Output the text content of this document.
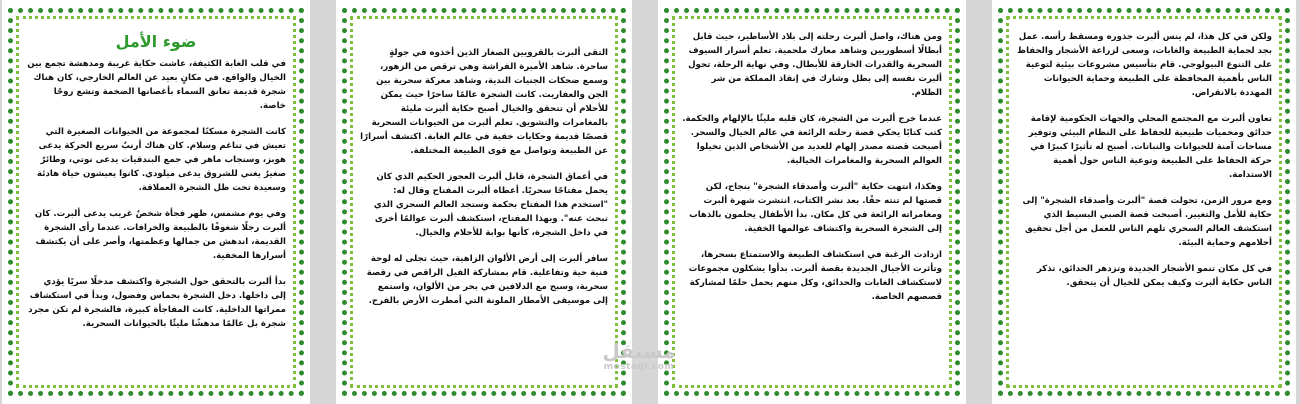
ضوء الأمل

في قلب الغابة الكثيفة، عاشت حكاية غريبة ومدهشة تجمع بين الخيال والواقع. في مكانٍ بعيد عن العالم الخارجي، كان هناك شجرة قديمة تعانق السماء بأغصانها الضخمة وتشع روحًا خاصة.

كانت الشجرة مسكنًا لمجموعة من الحيوانات الصغيرة التي تعيش في تناغم وسلام. كان هناك أرنبٌ سريع الحركة يدعى هوبز، وسنجاب ماهر في جمع البندقيات يدعى نوتي، وطائرٌ صغيرٌ يغني للشروق يدعى ميلودي. كانوا يعيشون حياة هادئة وسعيدة تحت ظل الشجرة العملاقة.

وفي يوم مشمس، ظهر فجأة شخصٌ غريب يدعى ألبرت. كان ألبرت رجلًا شغوفًا بالطبيعة والخرافات. عندما رأى الشجرة القديمة، اندهش من جمالها وعظمتها، وأصر على أن يكتشف أسرارها المخفية.

بدأ ألبرت بالتحقق حول الشجرة واكتشف مدخلًا سريًا يؤدي إلى داخلها. دخل الشجرة بحماس وفضول، وبدأ في استكشاف ممراتها الداخلية. كانت المفاجأة كبيرة، فالشجرة لم تكن مجرد شجرة بل عالمًا مدهشًا مليئًا بالحيوانات السحرية.

التقى ألبرت بالقرويين الصغار الذين أخذوه في جولةٍ ساحرة. شاهد الأميرة الفراشة وهي ترقص من الزهور، وسمع ضحكات الجنيات الندية، وشاهد معركة سحرية بين الجن والعفاريت. كانت الشجرة عالمًا ساحرًا حيث يمكن للأحلام أن تتحقق والخيال أصبح حكاية ألبرت مليئة بالمغامرات والتشويق. تعلم ألبرت من الحيوانات السحرية قصصًا قديمة وحكايات خفية في عالم الغابة. اكتشف أسرارًا عن الطبيعة وتواصل مع قوى الطبيعة المختلفة.

في أعماق الشجرة، قابل ألبرت العجوز الحكيم الذي كان يحمل مفتاحًا سحريًا. أعطاه ألبرت المفتاح وقال له: "استخدم هذا المفتاح بحكمة وستجد العالم السحري الذي تبحث عنه". وبهذا المفتاح، استكشف ألبرت عوالمًا أخرى في داخل الشجرة، كأنها بوابة للأحلام والخيال.

سافر ألبرت إلى أرض الألوان الزاهية، حيث تجلى له لوحة فنية حية وتفاعلية. قام بمشاركة الفيل الراقص في رقصة سحرية، وسبح مع الدلافين في بحر من الألوان، واستمع إلى موسيقى الأمطار الملونة التي أمطرت الأرض بالفرح.

ومن هناك، واصل ألبرت رحلته إلى بلاد الأساطير، حيث قابل أبطالًا أسطوريين وشاهد معارك ملحمية. تعلم أسرار السيوف السحرية والقدرات الخارقة للأبطال. وفي نهاية الرحلة، تحول ألبرت نفسه إلى بطل وشارك في إنقاذ المملكة من شر الظلام.

عندما خرج ألبرت من الشجرة، كان قلبه مليئًا بالإلهام والحكمة. كتب كتابًا يحكي قصة رحلته الرائعة في عالم الخيال والسحر. أصبحت قصته مصدر إلهام للعديد من الأشخاص الذين تخيلوا العوالم السحرية والمغامرات الخيالية.

وهكذا، انتهت حكاية "ألبرت وأصدقاء الشجرة" بنجاح، لكن قصتها لم تنته حقًا. بعد نشر الكتاب، انتشرت شهرة ألبرت ومغامراته الرائعة في كل مكان. بدأ الأطفال يحلمون بالذهاب إلى الشجرة السحرية واكتشاف عوالمها الخفية.

ازدادت الرغبة في استكشاف الطبيعة والاستمتاع بسحرها، وتأثرت الأجيال الجديدة بقصة ألبرت. بدأوا يشكلون مجموعات لاستكشاف الغابات والحدائق، وكل منهم يحمل حلمًا لمشاركة قصصهم الخاصة.

ولكن في كل هذا، لم ينس ألبرت جذوره ومسقط رأسه. عمل بجد لحماية الطبيعة والغابات، وسعى لزراعة الأشجار والحفاظ على التنوع البيولوجي. قام بتأسيس مشروعات بيئية لتوعية الناس بأهمية المحافظة على الطبيعة وحماية الحيوانات المهددة بالانقراض.

تعاون ألبرت مع المجتمع المحلي والجهات الحكومية لإقامة حدائق ومحميات طبيعية للحفاظ على النظام البيئي وتوفير مساحات آمنة للحيوانات والنباتات. أصبح له تأثيرًا كبيرًا في حركة الحفاظ على الطبيعة وتوعية الناس حول أهمية الاستدامة.

ومع مرور الزمن، تحولت قصة "ألبرت وأصدقاء الشجرة" إلى حكاية للأمل والتغيير. أصبحت قصة الصبي البسيط الذي استكشف العالم السحري تلهم الناس للعمل من أجل تحقيق أحلامهم وحماية البيئة.

في كل مكان تنمو الأشجار الجديدة وتزدهر الحدائق، تذكر الناس حكاية ألبرت وكيف يمكن للخيال أن يتحقق.

مستقل
mostaql.com
